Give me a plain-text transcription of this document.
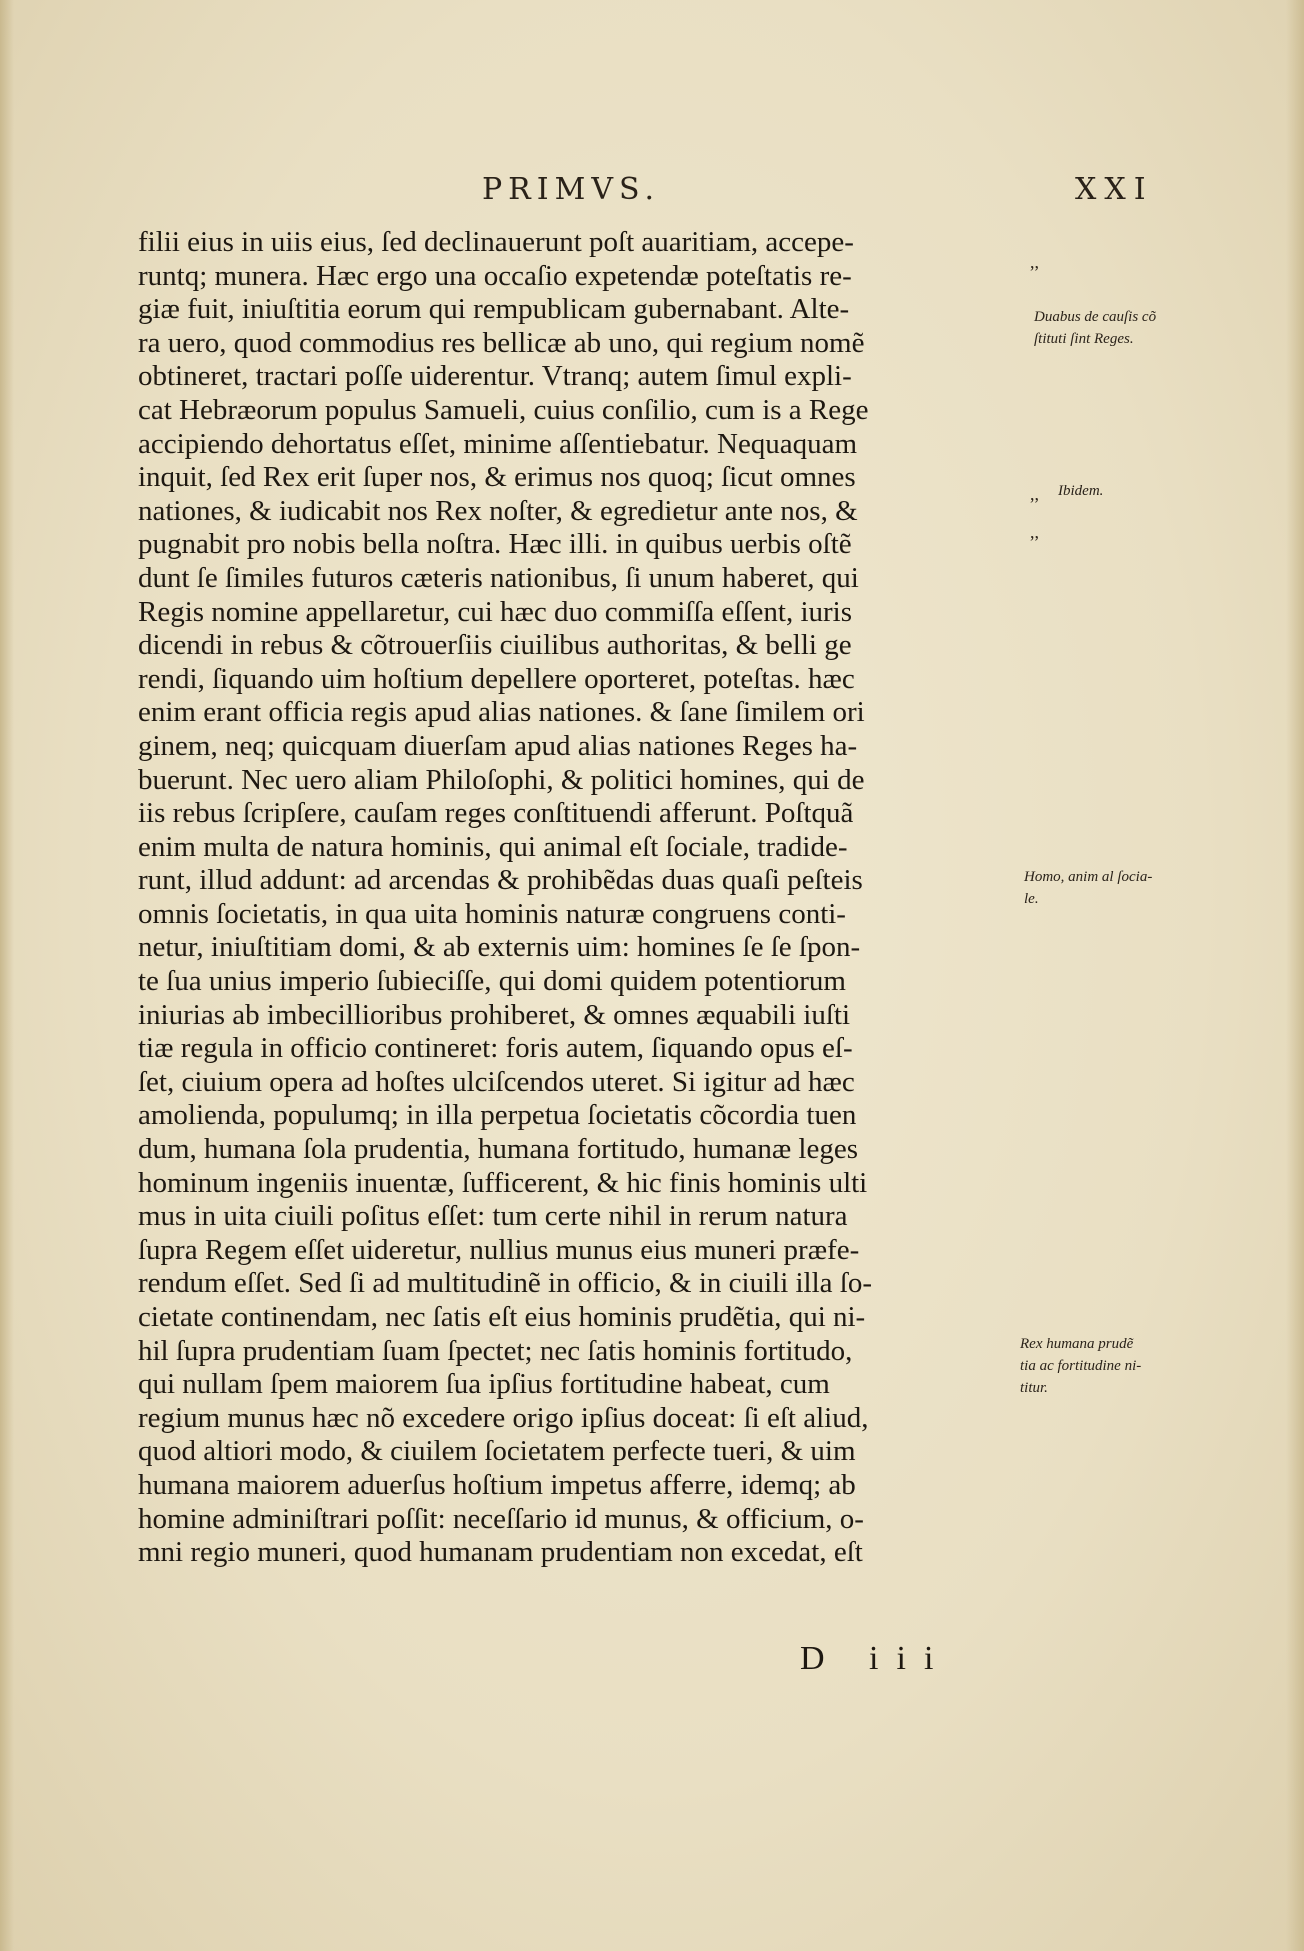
PRIMVS.	XXI
filii eius in uiis eius, ſed declinauerunt poſt auaritiam, accepe-
runtq; munera. Hæc ergo una occaſio expetendæ poteſtatis re-
giæ fuit, iniuſtitia eorum qui rempublicam gubernabant. Alte-
ra uero, quod commodius res bellicæ ab uno, qui regium nomẽ
obtineret, tractari poſſe uiderentur. Vtranq; autem ſimul expli-
cat Hebræorum populus Samueli, cuius conſilio, cum is a Rege
accipiendo dehortatus eſſet, minime aſſentiebatur. Nequaquam
inquit, ſed Rex erit ſuper nos, & erimus nos quoq; ſicut omnes
nationes, & iudicabit nos Rex noſter, & egredietur ante nos, &
pugnabit pro nobis bella noſtra. Hæc illi. in quibus uerbis oſtẽ
dunt ſe ſimiles futuros cæteris nationibus, ſi unum haberet, qui
Regis nomine appellaretur, cui hæc duo commiſſa eſſent, iuris
dicendi in rebus & cõtrouerſiis ciuilibus authoritas, & belli ge
rendi, ſiquando uim hoſtium depellere oporteret, poteſtas. hæc
enim erant officia regis apud alias nationes. & ſane ſimilem ori
ginem, neq; quicquam diuerſam apud alias nationes Reges ha-
buerunt. Nec uero aliam Philoſophi, & politici homines, qui de
iis rebus ſcripſere, cauſam reges conſtituendi afferunt. Poſtquã
enim multa de natura hominis, qui animal eſt ſociale, tradide-
runt, illud addunt: ad arcendas & prohibẽdas duas quaſi peſteis
omnis ſocietatis, in qua uita hominis naturæ congruens conti-
netur, iniuſtitiam domi, & ab externis uim: homines ſe ſe ſpon-
te ſua unius imperio ſubieciſſe, qui domi quidem potentiorum
iniurias ab imbecillioribus prohiberet, & omnes æquabili iuſti
tiæ regula in officio contineret: foris autem, ſiquando opus eſ-
ſet, ciuium opera ad hoſtes ulciſcendos uteret. Si igitur ad hæc
amolienda, populumq; in illa perpetua ſocietatis cõcordia tuen
dum, humana ſola prudentia, humana fortitudo, humanæ leges
hominum ingeniis inuentæ, ſufficerent, & hic finis hominis ulti
mus in uita ciuili poſitus eſſet: tum certe nihil in rerum natura
ſupra Regem eſſet uideretur, nullius munus eius muneri præfe-
rendum eſſet. Sed ſi ad multitudinẽ in officio, & in ciuili illa ſo-
cietate continendam, nec ſatis eſt eius hominis prudẽtia, qui ni-
hil ſupra prudentiam ſuam ſpectet; nec ſatis hominis fortitudo,
qui nullam ſpem maiorem ſua ipſius fortitudine habeat, cum
regium munus hæc nõ excedere origo ipſius doceat: ſi eſt aliud,
quod altiori modo, & ciuilem ſocietatem perfecte tueri, & uim
humana maiorem aduerſus hoſtium impetus afferre, idemq; ab
homine adminiſtrari poſſit: neceſſario id munus, & officium, o-
mni regio muneri, quod humanam prudentiam non excedat, eſt
Duabus de cauſis cõ
ſtituti ſint Reges.
Ibidem.
Homo, anim al ſocia-
le.
Rex humana prudẽ
tia ac fortitudine ni-
titur.
,,
,,
,,
D iii
